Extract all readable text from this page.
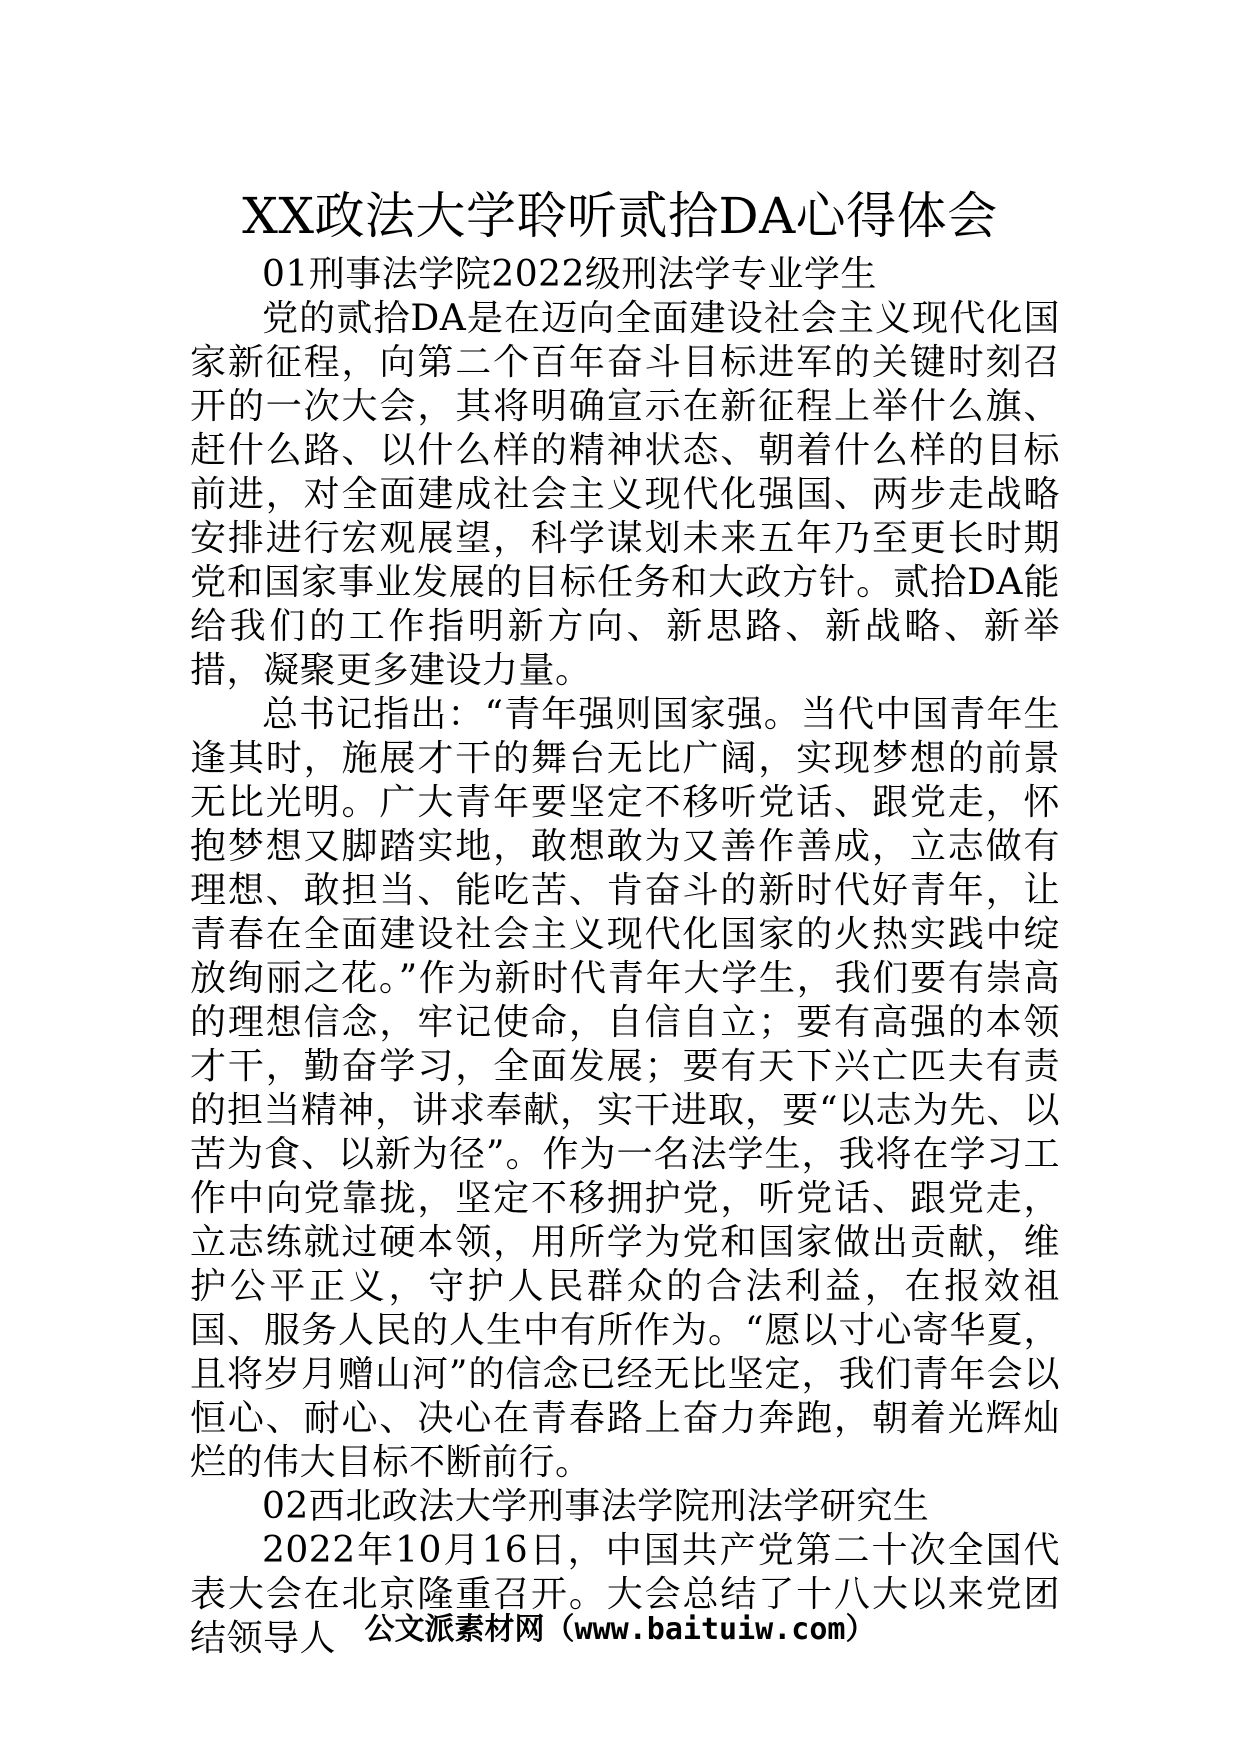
XX政法大学聆听贰拾DA心得体会

01刑事法学院2022级刑法学专业学生

党的贰拾DA是在迈向全面建设社会主义现代化国家新征程，向第二个百年奋斗目标进军的关键时刻召开的一次大会，其将明确宣示在新征程上举什么旗、赶什么路、以什么样的精神状态、朝着什么样的目标前进，对全面建成社会主义现代化强国、两步走战略安排进行宏观展望，科学谋划未来五年乃至更长时期党和国家事业发展的目标任务和大政方针。贰拾DA能给我们的工作指明新方向、新思路、新战略、新举措，凝聚更多建设力量。

总书记指出：“青年强则国家强。当代中国青年生逢其时，施展才干的舞台无比广阔，实现梦想的前景无比光明。广大青年要坚定不移听党话、跟党走，怀抱梦想又脚踏实地，敢想敢为又善作善成，立志做有理想、敢担当、能吃苦、肯奋斗的新时代好青年，让青春在全面建设社会主义现代化国家的火热实践中绽放绚丽之花。”作为新时代青年大学生，我们要有崇高的理想信念，牢记使命，自信自立；要有高强的本领才干，勤奋学习，全面发展；要有天下兴亡匹夫有责的担当精神，讲求奉献，实干进取，要“以志为先、以苦为食、以新为径”。作为一名法学生，我将在学习工作中向党靠拢，坚定不移拥护党，听党话、跟党走，立志练就过硬本领，用所学为党和国家做出贡献，维护公平正义，守护人民群众的合法利益，在报效祖国、服务人民的人生中有所作为。“愿以寸心寄华夏，且将岁月赠山河”的信念已经无比坚定，我们青年会以恒心、耐心、决心在青春路上奋力奔跑，朝着光辉灿烂的伟大目标不断前行。

02西北政法大学刑事法学院刑法学研究生

2022年10月16日，中国共产党第二十次全国代表大会在北京隆重召开。大会总结了十八大以来党团结领导人 公文派素材网（www.baituiw.com）
